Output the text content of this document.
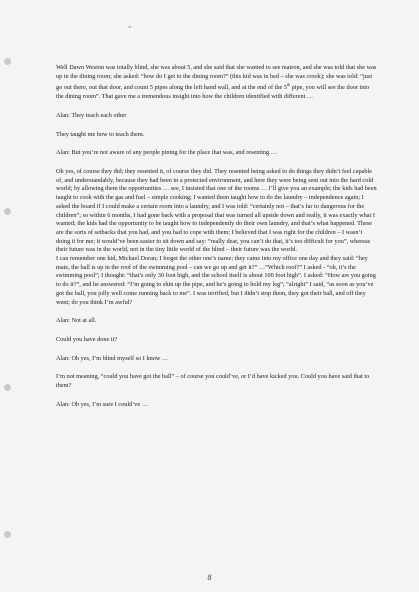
=

Well Dawn Weston was totally blind, she was about 5, and she said that she wanted to see matron, and she was told that she was up in the dining room; she asked: “how do I get to the dining room?” (this kid was in bed – she was crook); she was told: “just go out there, out that door, and count 5 pipes along the left hand wall, and at the end of the 5th pipe, you will see the door into the dining room”. That gave me a tremendous insight into how the children identified with different …

Alan: They teach each other

They taught me how to teach them.

Alan: But you’re not aware of any people pining for the place that was, and resenting …

Oh yes, of course they did; they resented it, of course they did. They resented being asked to do things they didn’t feel capable of, and understandably, because they had been in a protected environment, and here they were being sent out into the hard cold world; by allowing them the opportunities … see, I insisted that one of the rooms … I’ll give you an example; the kids had been taught to cook with the gas and fuel – simple cooking; I wanted them taught how to do the laundry – independence again; I asked the board if I could make a certain room into a laundry, and I was told: “certainly not – that’s far to dangerous for the children”; so within 6 months, I had gone back with a proposal that was turned all upside down and really, it was exactly what I wanted; the kids had the opportunity to be taught how to independently do their own laundry, and that’s what happened. These are the sorts of setbacks that you had, and you had to cope with them; I believed that I was right for the children – I wasn’t doing it for me; it would’ve been easier to sit down and say: “really dear, you can’t do that, it’s too difficult for you”, whereas their future was in the world, not in the tiny little world of the blind – their future was the world.

I can remember one kid, Michael Doran; I forget the other one’s name; they came into my office one day and they said: “hey mate, the ball is up in the roof of the swimming pool – can we go up and get it?” …“Which roof?” I asked - “oh, it’s the swimming pool”; I thought: “that’s only 30 foot high, and the school itself is about 100 foot high”. I asked: “How are you going to do it?”, and he answered: “I’m going to shin up the pipe, and he’s going to hold my leg”; “alright” I said, “as soon as you’ve got the ball, you jolly well come running back to me”. I was terrified, but I didn’t stop them, they got their ball, and off they went; do you think I’m awful?

Alan: Not at all.

Could you have done it?

Alan: Oh yes, I’m blind myself so I know …

I’m not meaning, “could you have got the ball” – of course you could’ve, or I’d have kicked you. Could you have said that to them?

Alan: Oh yes, I’m sure I could’ve …

8
